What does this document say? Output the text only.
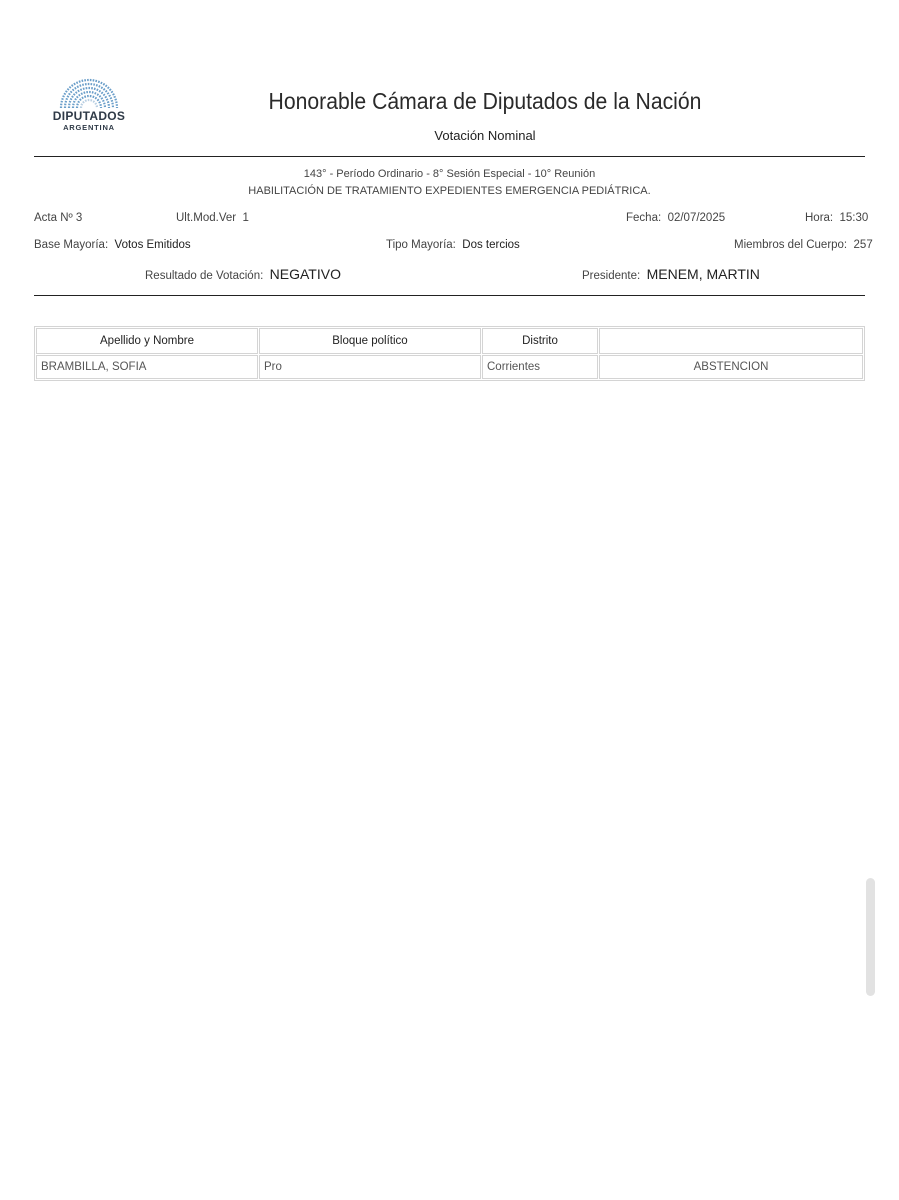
DIPUTADOS
ARGENTINA
Honorable Cámara de Diputados de la Nación
Votación Nominal
143° - Período Ordinario - 8° Sesión Especial - 10° Reunión
HABILITACIÓN DE TRATAMIENTO EXPEDIENTES EMERGENCIA PEDIÁTRICA.
Acta Nº 3	Ult.Mod.Ver 1	Fecha: 02/07/2025	Hora: 15:30
Base Mayoría: Votos Emitidos	Tipo Mayoría: Dos tercios	Miembros del Cuerpo: 257
Resultado de Votación: NEGATIVO	Presidente: MENEM, MARTIN
Apellido y Nombre	Bloque político	Distrito	
BRAMBILLA, SOFIA	Pro	Corrientes	ABSTENCION
